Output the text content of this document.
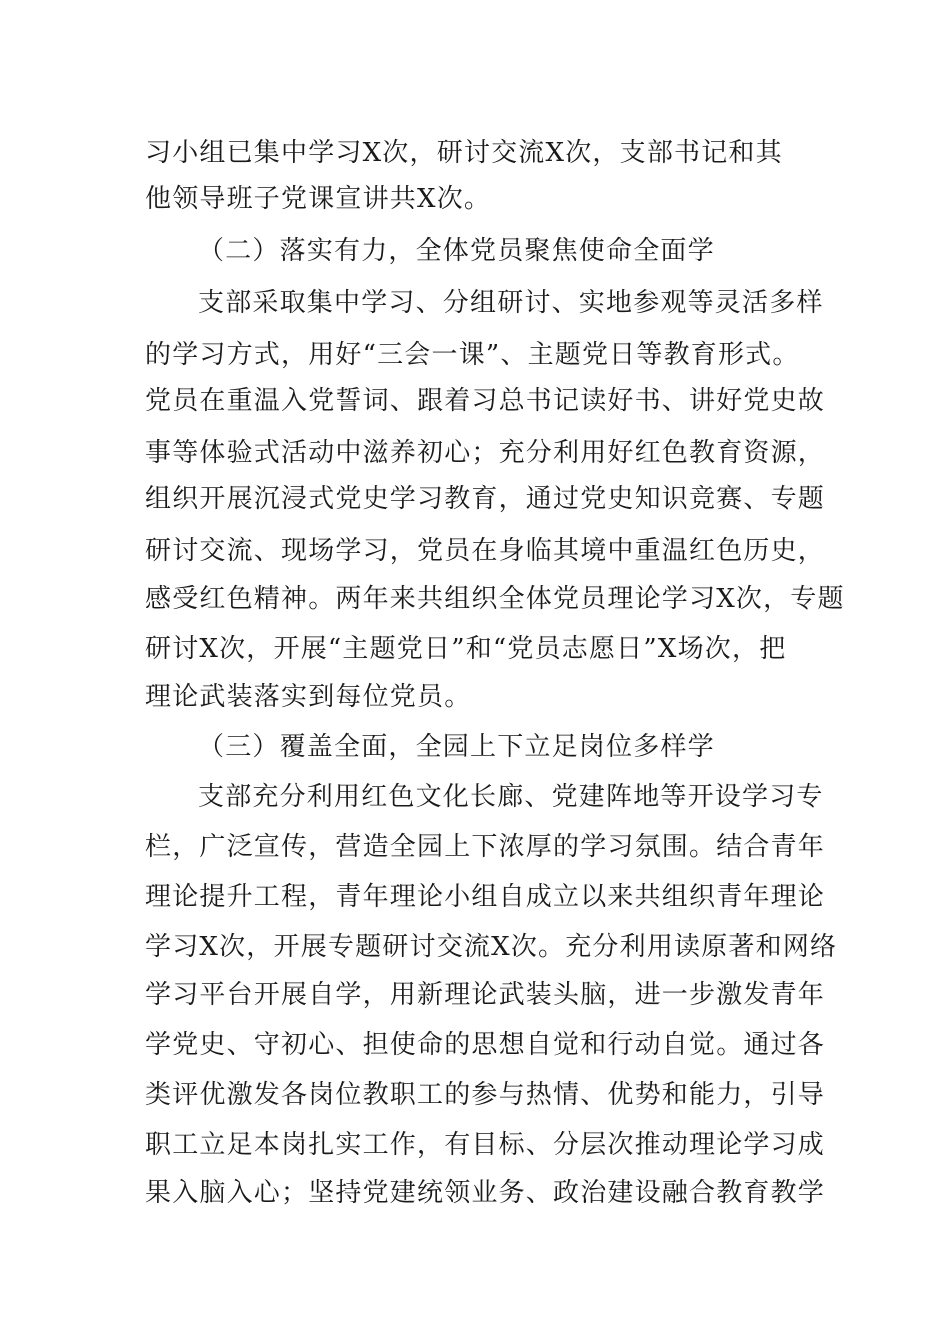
习小组已集中学习X次，研讨交流X次，支部书记和其
他领导班子党课宣讲共X次。
（二）落实有力，全体党员聚焦使命全面学
支部采取集中学习、分组研讨、实地参观等灵活多样
的学习方式，用好“三会一课”、主题党日等教育形式。
党员在重温入党誓词、跟着习总书记读好书、讲好党史故
事等体验式活动中滋养初心；充分利用好红色教育资源，
组织开展沉浸式党史学习教育，通过党史知识竞赛、专题
研讨交流、现场学习，党员在身临其境中重温红色历史，
感受红色精神。两年来共组织全体党员理论学习X次，专题
研讨X次，开展“主题党日”和“党员志愿日”X场次，把
理论武装落实到每位党员。
（三）覆盖全面，全园上下立足岗位多样学
支部充分利用红色文化长廊、党建阵地等开设学习专
栏，广泛宣传，营造全园上下浓厚的学习氛围。结合青年
理论提升工程，青年理论小组自成立以来共组织青年理论
学习X次，开展专题研讨交流X次。充分利用读原著和网络
学习平台开展自学，用新理论武装头脑，进一步激发青年
学党史、守初心、担使命的思想自觉和行动自觉。通过各
类评优激发各岗位教职工的参与热情、优势和能力，引导
职工立足本岗扎实工作，有目标、分层次推动理论学习成
果入脑入心；坚持党建统领业务、政治建设融合教育教学
